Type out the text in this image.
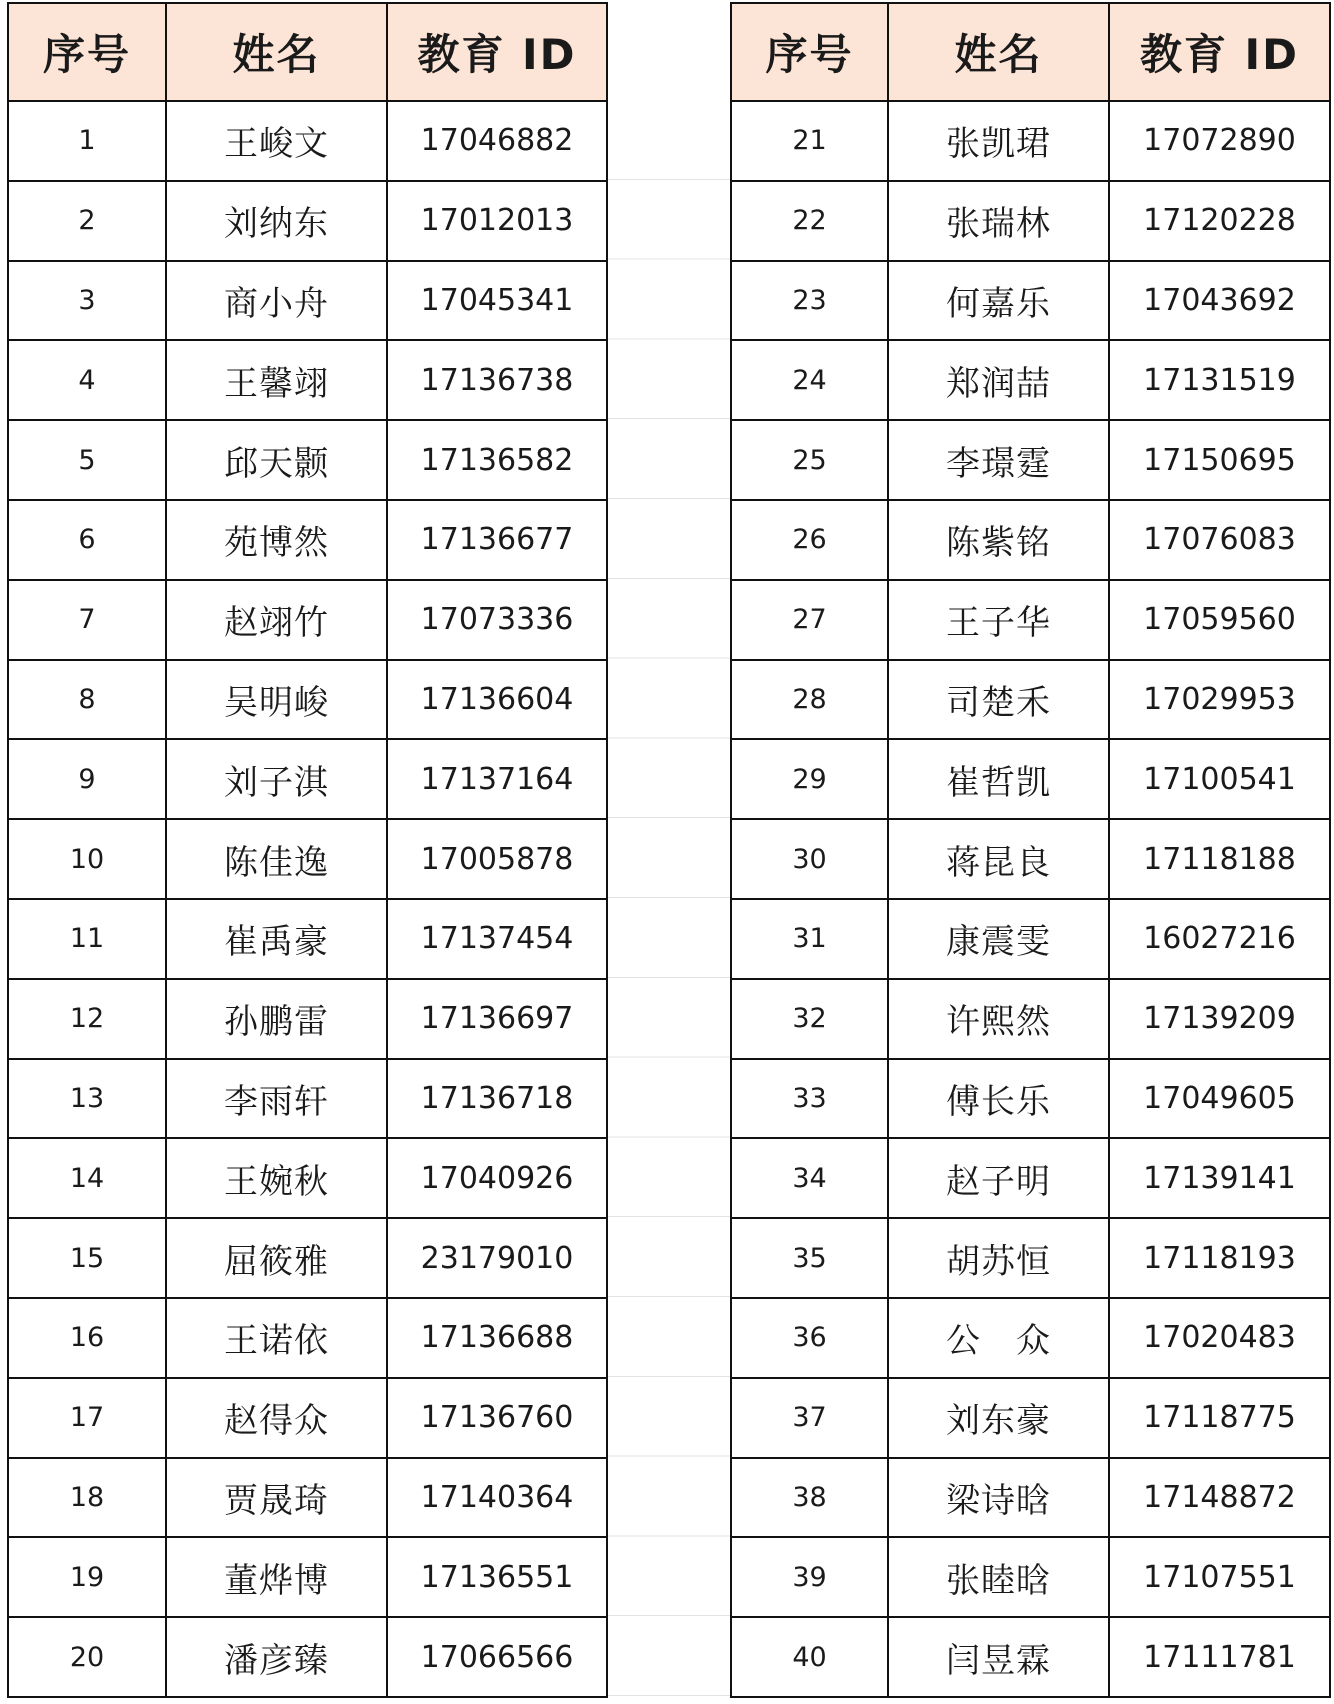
序号	姓名	教育 ID
1	王峻文	17046882
2	刘纳东	17012013
3	商小舟	17045341
4	王馨翊	17136738
5	邱天颢	17136582
6	苑博然	17136677
7	赵翊竹	17073336
8	吴明峻	17136604
9	刘子淇	17137164
10	陈佳逸	17005878
11	崔禹豪	17137454
12	孙鹏雷	17136697
13	李雨轩	17136718
14	王婉秋	17040926
15	屈筱雅	23179010
16	王诺依	17136688
17	赵得众	17136760
18	贾晟琦	17140364
19	董烨博	17136551
20	潘彦臻	17066566
序号	姓名	教育 ID
21	张凯珺	17072890
22	张瑞林	17120228
23	何嘉乐	17043692
24	郑润喆	17131519
25	李璟霆	17150695
26	陈紫铭	17076083
27	王子华	17059560
28	司楚禾	17029953
29	崔哲凯	17100541
30	蒋昆良	17118188
31	康震雯	16027216
32	许熙然	17139209
33	傅长乐	17049605
34	赵子明	17139141
35	胡苏恒	17118193
36	公　众	17020483
37	刘东豪	17118775
38	梁诗晗	17148872
39	张睦晗	17107551
40	闫昱霖	17111781
